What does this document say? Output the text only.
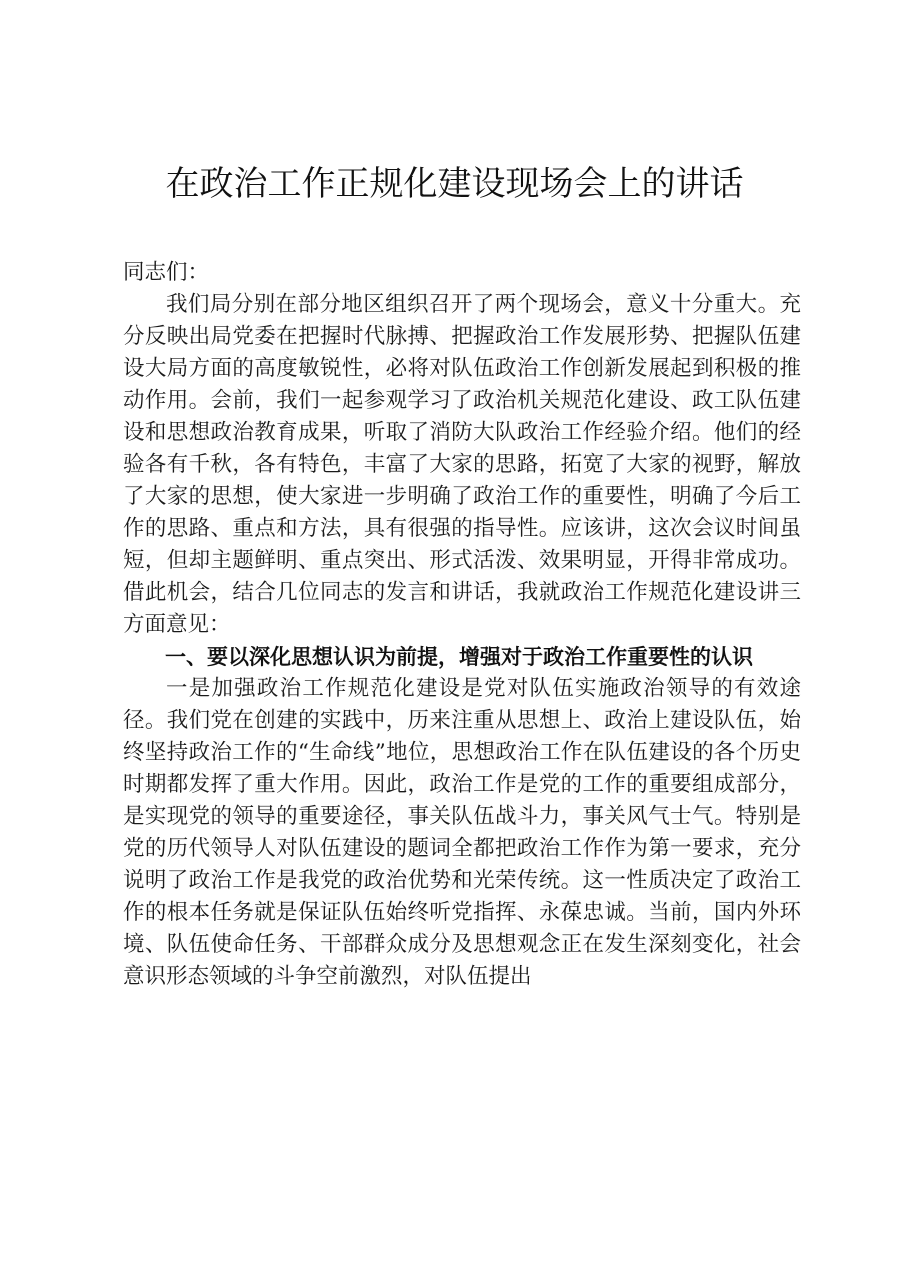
在政治工作正规化建设现场会上的讲话

同志们：

我们局分别在部分地区组织召开了两个现场会，意义十分重大。充分反映出局党委在把握时代脉搏、把握政治工作发展形势、把握队伍建设大局方面的高度敏锐性，必将对队伍政治工作创新发展起到积极的推动作用。会前，我们一起参观学习了政治机关规范化建设、政工队伍建设和思想政治教育成果，听取了消防大队政治工作经验介绍。他们的经验各有千秋，各有特色，丰富了大家的思路，拓宽了大家的视野，解放了大家的思想，使大家进一步明确了政治工作的重要性，明确了今后工作的思路、重点和方法，具有很强的指导性。应该讲，这次会议时间虽短，但却主题鲜明、重点突出、形式活泼、效果明显，开得非常成功。借此机会，结合几位同志的发言和讲话，我就政治工作规范化建设讲三方面意见：

一、要以深化思想认识为前提，增强对于政治工作重要性的认识

一是加强政治工作规范化建设是党对队伍实施政治领导的有效途径。我们党在创建的实践中，历来注重从思想上、政治上建设队伍，始终坚持政治工作的“生命线”地位，思想政治工作在队伍建设的各个历史时期都发挥了重大作用。因此，政治工作是党的工作的重要组成部分，是实现党的领导的重要途径，事关队伍战斗力，事关风气士气。特别是党的历代领导人对队伍建设的题词全都把政治工作作为第一要求，充分说明了政治工作是我党的政治优势和光荣传统。这一性质决定了政治工作的根本任务就是保证队伍始终听党指挥、永葆忠诚。当前，国内外环境、队伍使命任务、干部群众成分及思想观念正在发生深刻变化，社会意识形态领域的斗争空前激烈，对队伍提出
